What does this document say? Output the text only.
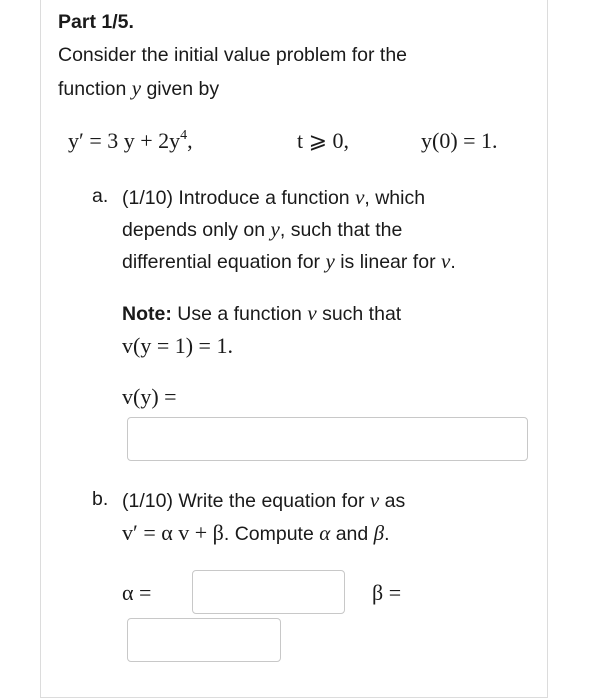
Part 1/5.
Consider the initial value problem for the
function y given by
y′ = 3 $y + 2y^4$,	t ⩾ 0,	y(0) = 1.
a. (1/10) Introduce a function v, which
depends only on y, such that the
differential equation for y is linear for v.
Note: Use a function v such that
v(y = 1) = 1.
v(y) =
b. (1/10) Write the equation for v as
v′ = α v + β. Compute α and β.
α =	β =
